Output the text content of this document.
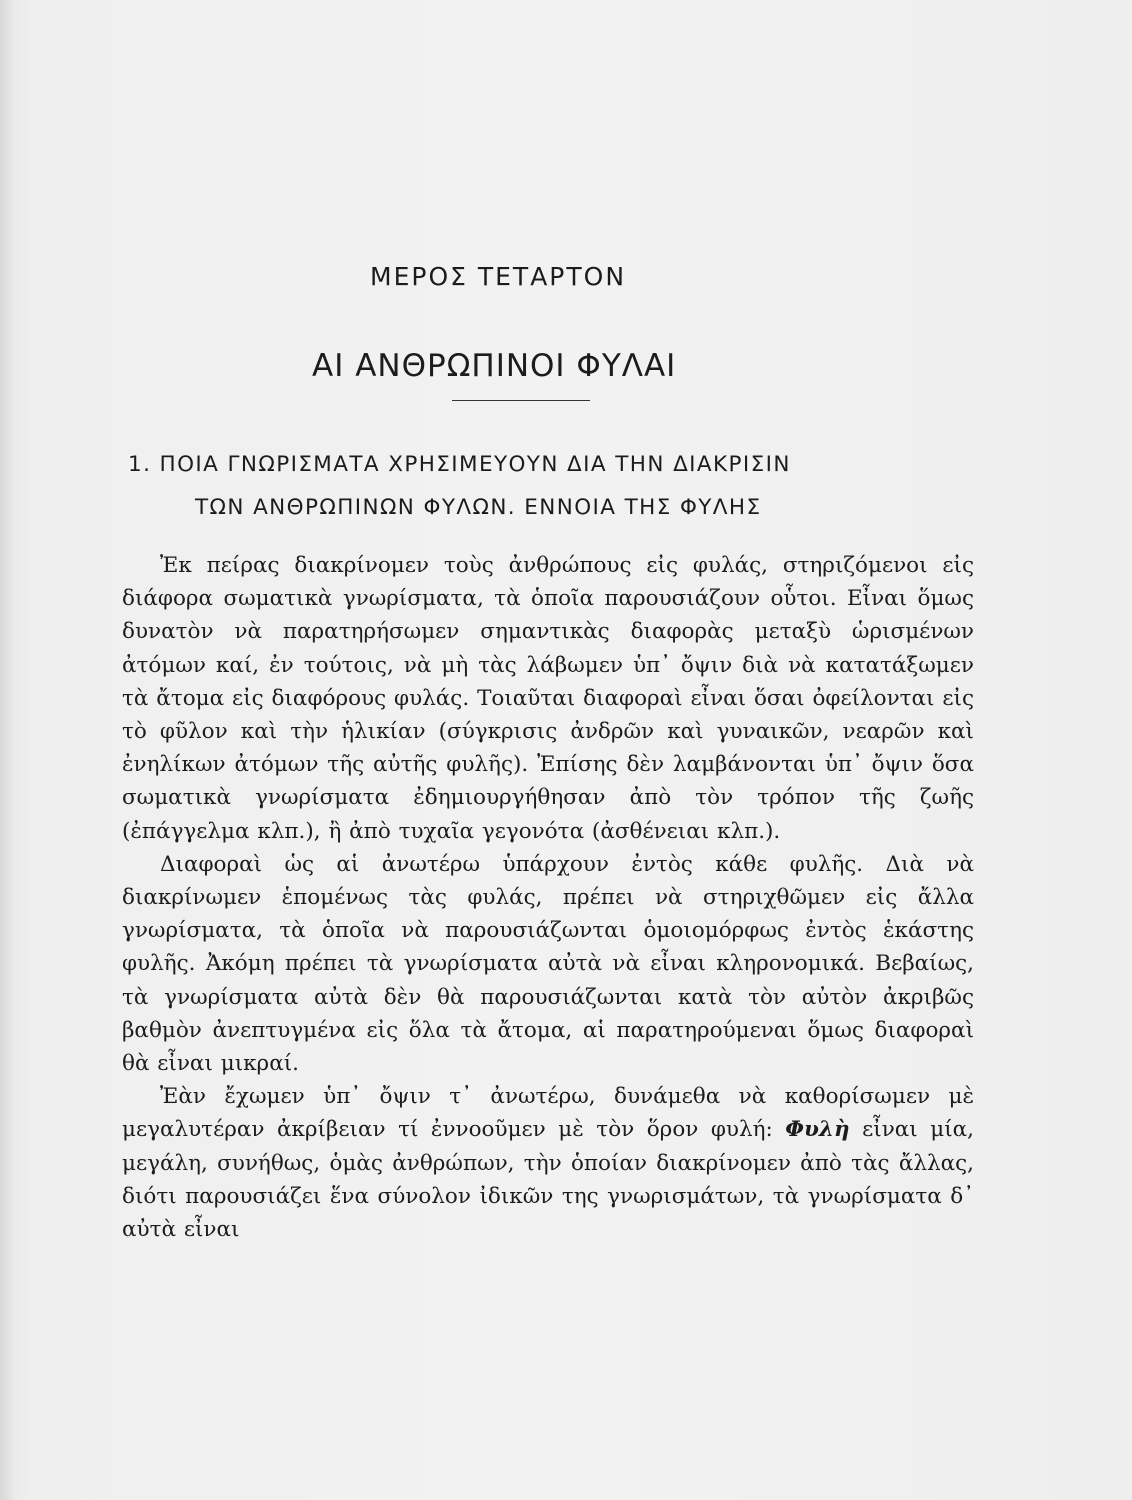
ΜΕΡΟΣ ΤΕΤΑΡΤΟΝ
ΑΙ ΑΝΘΡΩΠΙΝΟΙ ΦΥΛΑΙ
1. ΠΟΙΑ ΓΝΩΡΙΣΜΑΤΑ ΧΡΗΣΙΜΕΥΟΥΝ ΔΙΑ ΤΗΝ ΔΙΑΚΡΙΣΙΝ
ΤΩΝ ΑΝΘΡΩΠΙΝΩΝ ΦΥΛΩΝ. ΕΝΝΟΙΑ ΤΗΣ ΦΥΛΗΣ

Ἐκ πείρας διακρίνομεν τοὺς ἀνθρώπους εἰς φυλάς, στηριζόμενοι εἰς διάφορα σωματικὰ γνωρίσματα, τὰ ὁποῖα παρουσιάζουν οὗτοι. Εἶναι ὅμως δυνατὸν νὰ παρατηρήσωμεν σημαντικὰς διαφορὰς μεταξὺ ὡρισμένων ἀτόμων καί, ἐν τούτοις, νὰ μὴ τὰς λάβωμεν ὑπ᾽ ὄψιν διὰ νὰ κατατάξωμεν τὰ ἄτομα εἰς διαφόρους φυλάς. Τοιαῦται διαφοραὶ εἶναι ὅσαι ὀφείλονται εἰς τὸ φῦλον καὶ τὴν ἡλικίαν (σύγκρισις ἀνδρῶν καὶ γυναικῶν, νεαρῶν καὶ ἐνηλίκων ἀτόμων τῆς αὐτῆς φυλῆς). Ἐπίσης δὲν λαμβάνονται ὑπ᾽ ὄψιν ὅσα σωματικὰ γνωρίσματα ἐδημιουργήθησαν ἀπὸ τὸν τρόπον τῆς ζωῆς (ἐπάγγελμα κλπ.), ἢ ἀπὸ τυχαῖα γεγονότα (ἀσθένειαι κλπ.).

Διαφοραὶ ὡς αἱ ἀνωτέρω ὑπάρχουν ἐντὸς κάθε φυλῆς. Διὰ νὰ διακρίνωμεν ἑπομένως τὰς φυλάς, πρέπει νὰ στηριχθῶμεν εἰς ἄλλα γνωρίσματα, τὰ ὁποῖα νὰ παρουσιάζωνται ὁμοιομόρφως ἐντὸς ἑκάστης φυλῆς. Ἀκόμη πρέπει τὰ γνωρίσματα αὐτὰ νὰ εἶναι κληρονομικά. Βεβαίως, τὰ γνωρίσματα αὐτὰ δὲν θὰ παρουσιάζωνται κατὰ τὸν αὐτὸν ἀκριβῶς βαθμὸν ἀνεπτυγμένα εἰς ὅλα τὰ ἄτομα, αἱ παρατηρούμεναι ὅμως διαφοραὶ θὰ εἶναι μικραί.

Ἐὰν ἔχωμεν ὑπ᾽ ὄψιν τ᾽ ἀνωτέρω, δυνάμεθα νὰ καθορίσωμεν μὲ μεγαλυτέραν ἀκρίβειαν τί ἐννοοῦμεν μὲ τὸν ὅρον φυλή: Φυλὴ εἶναι μία, μεγάλη, συνήθως, ὁμὰς ἀνθρώπων, τὴν ὁποίαν διακρίνομεν ἀπὸ τὰς ἄλλας, διότι παρουσιάζει ἕνα σύνολον ἰδικῶν της γνωρισμάτων, τὰ γνωρίσματα δ᾽ αὐτὰ εἶναι
